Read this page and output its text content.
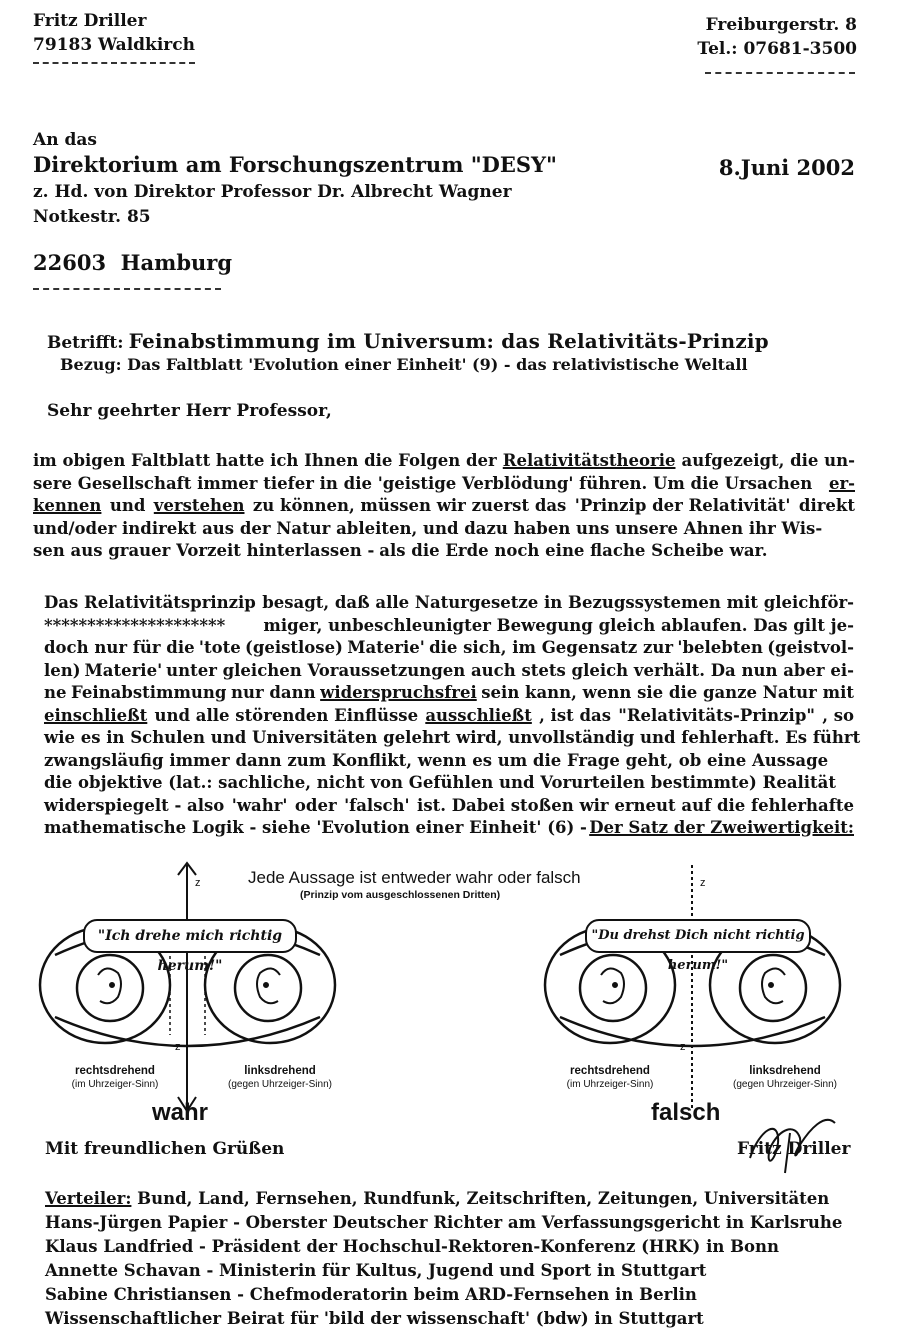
Fritz Driller
79183 Waldkirch
Freiburgerstr. 8
Tel.: 07681-3500
An das
Direktorium am Forschungszentrum "DESY"
z. Hd. von Direktor Professor Dr. Albrecht Wagner
Notkestr. 85
8.Juni 2002
22603  Hamburg
Betrifft: Feinabstimmung im Universum: das Relativitäts-Prinzip
Bezug: Das Faltblatt 'Evolution einer Einheit' (9) - das relativistische Weltall
Sehr geehrter Herr Professor,
im obigen Faltblatt hatte ich Ihnen die Folgen der Relativitätstheorie aufgezeigt, die un-
sere Gesellschaft immer tiefer in die 'geistige Verblödung' führen. Um die Ursachen er-
kennen und verstehen zu können, müssen wir zuerst das 'Prinzip der Relativität' direkt
und/oder indirekt aus der Natur ableiten, und dazu haben uns unsere Ahnen ihr Wis-
sen aus grauer Vorzeit hinterlassen - als die Erde noch eine flache Scheibe war.
Das Relativitätsprinzip besagt, daß alle Naturgesetze in Bezugssystemen mit gleichför-
********************* miger, unbeschleunigter Bewegung gleich ablaufen. Das gilt je-
doch nur für die 'tote (geistlose) Materie' die sich, im Gegensatz zur 'belebten (geistvol-
len) Materie' unter gleichen Voraussetzungen auch stets gleich verhält. Da nun aber ei-
ne Feinabstimmung nur dann widerspruchsfrei sein kann, wenn sie die ganze Natur mit
einschließt und alle störenden Einflüsse ausschließt , ist das "Relativitäts-Prinzip" , so
wie es in Schulen und Universitäten gelehrt wird, unvollständig und fehlerhaft. Es führt
zwangsläufig immer dann zum Konflikt, wenn es um die Frage geht, ob eine Aussage
die objektive (lat.: sachliche, nicht von Gefühlen und Vorurteilen bestimmte) Realität
widerspiegelt - also 'wahr' oder 'falsch' ist. Dabei stoßen wir erneut auf die fehlerhafte
mathematische Logik - siehe 'Evolution einer Einheit' (6) - Der Satz der Zweiwertigkeit:
Jede Aussage ist entweder wahr oder falsch
(Prinzip vom ausgeschlossenen Dritten)
z
z
z
z
"Ich drehe mich richtig herum!"
"Du drehst Dich nicht richtig herum!"
rechtsdrehend
(im Uhrzeiger-Sinn)
linksdrehend
(gegen Uhrzeiger-Sinn)
wahr
rechtsdrehend
(im Uhrzeiger-Sinn)
linksdrehend
(gegen Uhrzeiger-Sinn)
falsch
Mit freundlichen Grüßen	Fritz Driller
Verteiler: Bund, Land, Fernsehen, Rundfunk, Zeitschriften, Zeitungen, Universitäten
Hans-Jürgen Papier - Oberster Deutscher Richter am Verfassungsgericht in Karlsruhe
Klaus Landfried - Präsident der Hochschul-Rektoren-Konferenz (HRK) in Bonn
Annette Schavan - Ministerin für Kultus, Jugend und Sport in Stuttgart
Sabine Christiansen - Chefmoderatorin beim ARD-Fernsehen in Berlin
Wissenschaftlicher Beirat für 'bild der wissenschaft' (bdw) in Stuttgart
